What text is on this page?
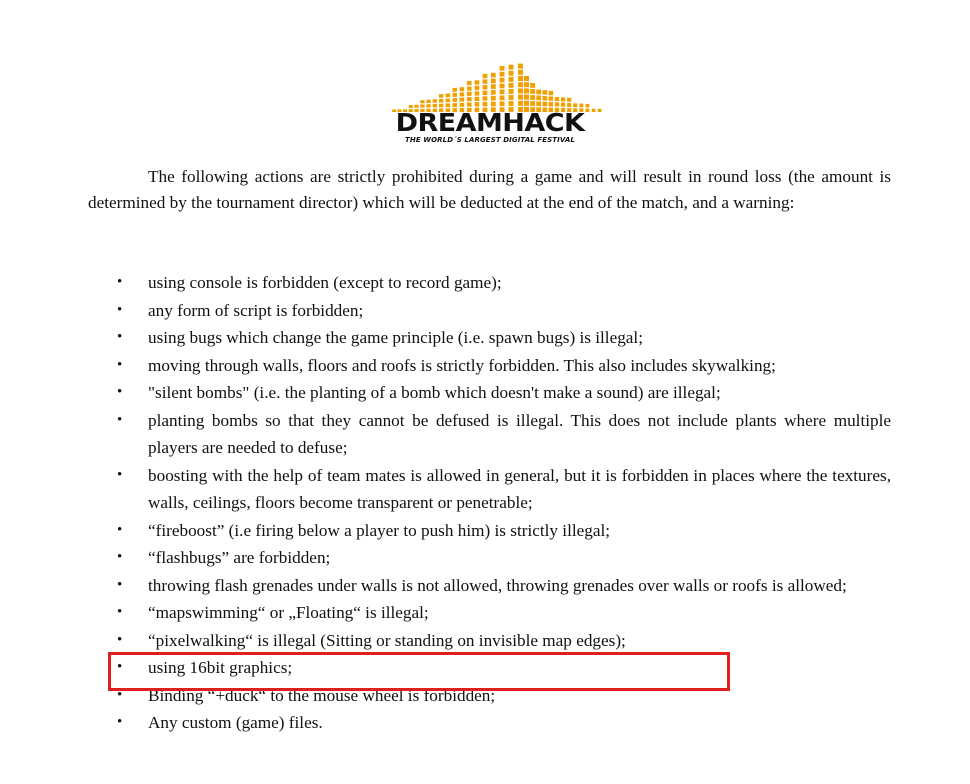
DREAMHACK
THE WORLD´S LARGEST DIGITAL FESTIVAL

The following actions are strictly prohibited during a game and will result in round loss (the amount is determined by the tournament director) which will be deducted at the end of the match, and a warning:

• using console is forbidden (except to record game);
• any form of script is forbidden;
• using bugs which change the game principle (i.e. spawn bugs) is illegal;
• moving through walls, floors and roofs is strictly forbidden. This also includes skywalking;
• "silent bombs" (i.e. the planting of a bomb which doesn't make a sound) are illegal;
• planting bombs so that they cannot be defused is illegal. This does not include plants where multiple players are needed to defuse;
• boosting with the help of team mates is allowed in general, but it is forbidden in places where the textures, walls, ceilings, floors become transparent or penetrable;
• “fireboost” (i.e firing below a player to push him) is strictly illegal;
• “flashbugs” are forbidden;
• throwing flash grenades under walls is not allowed, throwing grenades over walls or roofs is allowed;
• “mapswimming“ or „Floating“ is illegal;
• “pixelwalking“ is illegal (Sitting or standing on invisible map edges);
• using 16bit graphics;
• Binding “+duck“ to the mouse wheel is forbidden;
• Any custom (game) files.
